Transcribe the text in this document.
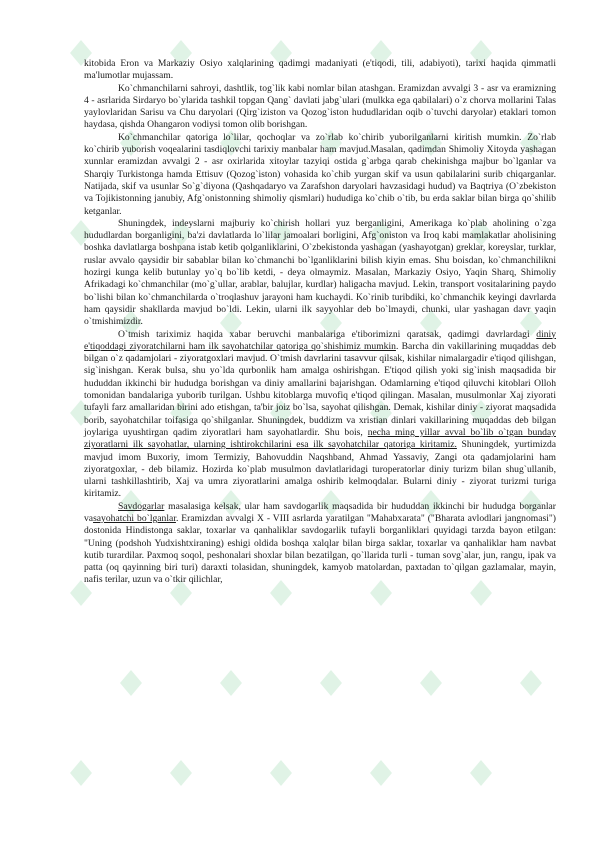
kitobida Eron va Markaziy Osiyo xalqlarining qadimgi madaniyati (e'tiqodi, tili, adabiyoti), tarixi haqida qimmatli ma'lumotlar mujassam.

Ko`chmanchilarni sahroyi, dashtlik, tog`lik kabi nomlar bilan atashgan. Eramizdan avvalgi 3 - asr va eramizning 4 - asrlarida Sirdaryo bo`ylarida tashkil topgan Qang` davlati jabg`ulari (mulkka ega qabilalari) o`z chorva mollarini Talas yaylovlaridan Sarisu va Chu daryolari (Qirg`iziston va Qozog`iston hududlaridan oqib o`tuvchi daryolar) etaklari tomon haydasa, qishda Ohangaron vodiysi tomon olib borishgan.

Ko`chmanchilar qatoriga lo`lilar, qochoqlar va zo`rlab ko`chirib yuborilganlarni kiritish mumkin. Zo`rlab ko`chirib yuborish voqealarini tasdiqlovchi tarixiy manbalar ham mavjud.Masalan, qadimdan Shimoliy Xitoyda yashagan xunnlar eramizdan avvalgi 2 - asr oxirlarida xitoylar tazyiqi ostida g`arbga qarab chekinishga majbur bo`lganlar va Sharqiy Turkistonga hamda Ettisuv (Qozog`iston) vohasida ko`chib yurgan skif va usun qabilalarini surib chiqarganlar. Natijada, skif va usunlar So`g`diyona (Qashqadaryo va Zarafshon daryolari havzasidagi hudud) va Baqtriya (O`zbekiston va Tojikistonning janubiy, Afg`onistonning shimoliy qismlari) hududiga ko`chib o`tib, bu erda saklar bilan birga qo`shilib ketganlar.

Shuningdek, indeyslarni majburiy ko`chirish hollari yuz berganligini, Amerikaga ko`plab aholining o`zga hududlardan borganligini, ba'zi davlatlarda lo`lilar jamoalari borligini, Afg`oniston va Iroq kabi mamlakatlar aholisining boshka davlatlarga boshpana istab ketib qolganliklarini, O`zbekistonda yashagan (yashayotgan) greklar, koreyslar, turklar, ruslar avvalo qaysidir bir sabablar bilan ko`chmanchi bo`lganliklarini bilish kiyin emas. Shu boisdan, ko`chmanchilikni hozirgi kunga kelib butunlay yo`q bo`lib ketdi, - deya olmaymiz. Masalan, Markaziy Osiyo, Yaqin Sharq, Shimoliy Afrikadagi ko`chmanchilar (mo`g`ullar, arablar, balujlar, kurdlar) haligacha mavjud. Lekin, transport vositalarining paydo bo`lishi bilan ko`chmanchilarda o`troqlashuv jarayoni ham kuchaydi. Ko`rinib turibdiki, ko`chmanchik keyingi davrlarda ham qaysidir shakllarda mavjud bo`ldi. Lekin, ularni ilk sayyohlar deb bo`lmaydi, chunki, ular yashagan davr yaqin o`tmishimizdir.

O`tmish tariximiz haqida xabar beruvchi manbalariga e'tiborimizni qaratsak, qadimgi davrlardagi diniy e'tiqoddagi ziyoratchilarni ham ilk sayohatchilar qatoriga qo`shishimiz mumkin. Barcha din vakillarining muqaddas deb bilgan o`z qadamjolari - ziyoratgoxlari mavjud. O`tmish davrlarini tasavvur qilsak, kishilar nimalargadir e'tiqod qilishgan, sig`inishgan. Kerak bulsa, shu yo`lda qurbonlik ham amalga oshirishgan. E'tiqod qilish yoki sig`inish maqsadida bir hududdan ikkinchi bir hududga borishgan va diniy amallarini bajarishgan. Odamlarning e'tiqod qiluvchi kitoblari Olloh tomonidan bandalariga yuborib turilgan. Ushbu kitoblarga muvofiq e'tiqod qilingan. Masalan, musulmonlar Xaj ziyorati tufayli farz amallaridan birini ado etishgan, ta'bir joiz bo`lsa, sayohat qilishgan. Demak, kishilar diniy - ziyorat maqsadida borib, sayohatchilar toifasiga qo`shilganlar. Shuningdek, buddizm va xristian dinlari vakillarining muqaddas deb bilgan joylariga uyushtirgan qadim ziyoratlari ham sayohatlardir. Shu bois, necha ming yillar avval bo`lib o`tgan bunday ziyoratlarni ilk sayohatlar, ularning ishtirokchilarini esa ilk sayohatchilar qatoriga kiritamiz. Shuningdek, yurtimizda mavjud imom Buxoriy, imom Termiziy, Bahovuddin Naqshband, Ahmad Yassaviy, Zangi ota qadamjolarini ham ziyoratgoxlar, - deb bilamiz. Hozirda ko`plab musulmon davlatlaridagi turoperatorlar diniy turizm bilan shug`ullanib, ularni tashkillashtirib, Xaj va umra ziyoratlarini amalga oshirib kelmoqdalar. Bularni diniy - ziyorat turizmi turiga kiritamiz.

Savdogarlar masalasiga kelsak, ular ham savdogarlik maqsadida bir hududdan ikkinchi bir hududga borganlar vasayohatchi bo`lganlar. Eramizdan avvalgi X - VIII asrlarda yaratilgan "Mahabxarata" ("Bharata avlodlari jangnomasi") dostonida Hindistonga saklar, toxarlar va qanhaliklar savdogarlik tufayli borganliklari quyidagi tarzda bayon etilgan: "Uning (podshoh Yudxishtxiraning) eshigi oldida boshqa xalqlar bilan birga saklar, toxarlar va qanhaliklar ham navbat kutib turardilar. Paxmoq soqol, peshonalari shoxlar bilan bezatilgan, qo`llarida turli - tuman sovg`alar, jun, rangu, ipak va patta (oq qayinning biri turi) daraxti tolasidan, shuningdek, kamyob matolardan, paxtadan to`qilgan gazlamalar, mayin, nafis terilar, uzun va o`tkir qilichlar,
